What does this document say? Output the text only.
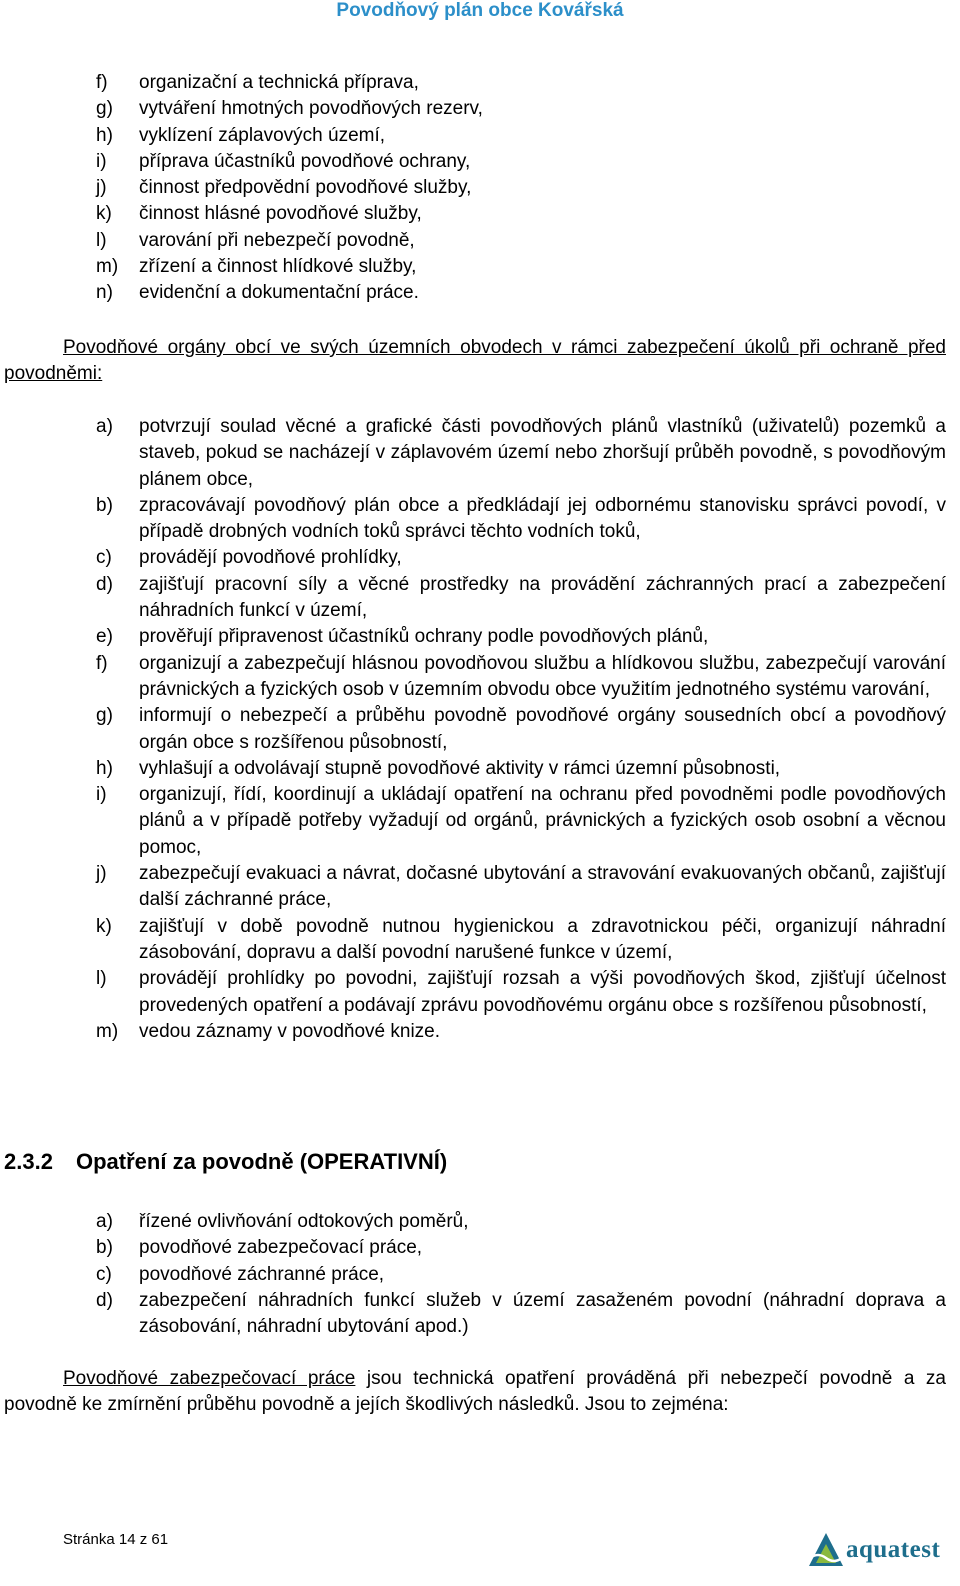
Povodňový plán obce Kovářská
f) organizační a technická příprava,
g) vytváření hmotných povodňových rezerv,
h) vyklízení záplavových území,
i) příprava účastníků povodňové ochrany,
j) činnost předpovědní povodňové služby,
k) činnost hlásné povodňové služby,
l) varování při nebezpečí povodně,
m) zřízení a činnost hlídkové služby,
n) evidenční a dokumentační práce.

Povodňové orgány obcí ve svých územních obvodech v rámci zabezpečení úkolů při ochraně před povodněmi:

a) potvrzují soulad věcné a grafické části povodňových plánů vlastníků (uživatelů) pozemků a staveb, pokud se nacházejí v záplavovém území nebo zhoršují průběh povodně, s povodňovým plánem obce,
b) zpracovávají povodňový plán obce a předkládají jej odbornému stanovisku správci povodí, v případě drobných vodních toků správci těchto vodních toků,
c) provádějí povodňové prohlídky,
d) zajišťují pracovní síly a věcné prostředky na provádění záchranných prací a zabezpečení náhradních funkcí v území,
e) prověřují připravenost účastníků ochrany podle povodňových plánů,
f) organizují a zabezpečují hlásnou povodňovou službu a hlídkovou službu, zabezpečují varování právnických a fyzických osob v územním obvodu obce využitím jednotného systému varování,
g) informují o nebezpečí a průběhu povodně povodňové orgány sousedních obcí a povodňový orgán obce s rozšířenou působností,
h) vyhlašují a odvolávají stupně povodňové aktivity v rámci územní působnosti,
i) organizují, řídí, koordinují a ukládají opatření na ochranu před povodněmi podle povodňových plánů a v případě potřeby vyžadují od orgánů, právnických a fyzických osob osobní a věcnou pomoc,
j) zabezpečují evakuaci a návrat, dočasné ubytování a stravování evakuovaných občanů, zajišťují další záchranné práce,
k) zajišťují v době povodně nutnou hygienickou a zdravotnickou péči, organizují náhradní zásobování, dopravu a další povodní narušené funkce v území,
l) provádějí prohlídky po povodni, zajišťují rozsah a výši povodňových škod, zjišťují účelnost provedených opatření a podávají zprávu povodňovému orgánu obce s rozšířenou působností,
m) vedou záznamy v povodňové knize.
2.3.2 Opatření za povodně (OPERATIVNÍ)
a) řízené ovlivňování odtokových poměrů,
b) povodňové zabezpečovací práce,
c) povodňové záchranné práce,
d) zabezpečení náhradních funkcí služeb v území zasaženém povodní (náhradní doprava a zásobování, náhradní ubytování apod.)

Povodňové zabezpečovací práce jsou technická opatření prováděná při nebezpečí povodně a za povodně ke zmírnění průběhu povodně a jejích škodlivých následků. Jsou to zejména:

Stránka 14 z 61	aquatest
